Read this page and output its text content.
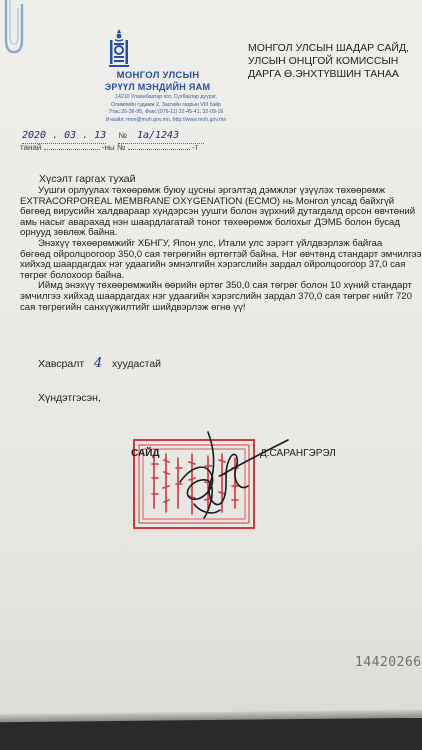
МОНГОЛ УЛСЫН
ЭРҮҮЛ МЭНДИЙН ЯАМ
14210 Улаанбаатар хот, Сүхбаатар дүүрэг,
Олимпийн гудамж 2, Засгийн газрын VIII байр
Утас:26-36-95, Факс:(976-11) 32-45-41, 32-09-16
И-мэйл: mon@moh.gov.mn, http://www.moh.gov.mn
МОНГОЛ УЛСЫН ШАДАР САЙД,
УЛСЫН ОНЦГОЙ КОМИССЫН
ДАРГА Ө.ЭНХТҮВШИН ТАНАА
2020 . 03 . 13 № 1а/1243
танай	-ны №	-т
Хүсэлт гаргах тухай

Уушги орлуулах төхөөрөмж буюу цусны эргэлтэд дэмжлэг үзүүлэх төхөөрөмж

EXTRACORPOREAL MEMBRANE OXYGENATION (ECMO) нь Монгол улсад байхгүй

бөгөөд вирусийн халдвараар хүндэрсэн уушги болон зүрхний дутагдалд орсон өвчтөний

амь насыг аварахад нэн шаардлагатай тоног төхөөрөмж болохыг ДЭМБ болон бусад

орнууд зөвлөж байна.

Энэхүү төхөөрөмжийг ХБНГУ, Япон улс, Итали улс зэрэгт үйлдвэрлэж байгаа

бөгөөд ойролцоогоор 350,0 сая төгрөгийн өртөгтэй байна. Нэг өвчтөнд стандарт эмчилгээ

хийхэд шаардагдах нэг удаагийн эмнэлгийн хэрэгслийн зардал ойролцоогоор 37,0 сая

төгрөг болохоор байна.

Иймд энэхүү төхөөрөмжийн өөрийн өртөг 350,0 сая төгрөг болон 10 хүний стандарт

эмчилгээ хийхэд шаардагдах нэг удаагийн хэрэгслийн зардал 370,0 сая төгрөг нийт 720

сая төгрөгийн санхүүжилтийг шийдвэрлэж өгнө үү!

Хавсралт 4 хуудастай
Хүндэтгэсэн,
САЙД	Д.САРАНГЭРЭЛ
14420266
